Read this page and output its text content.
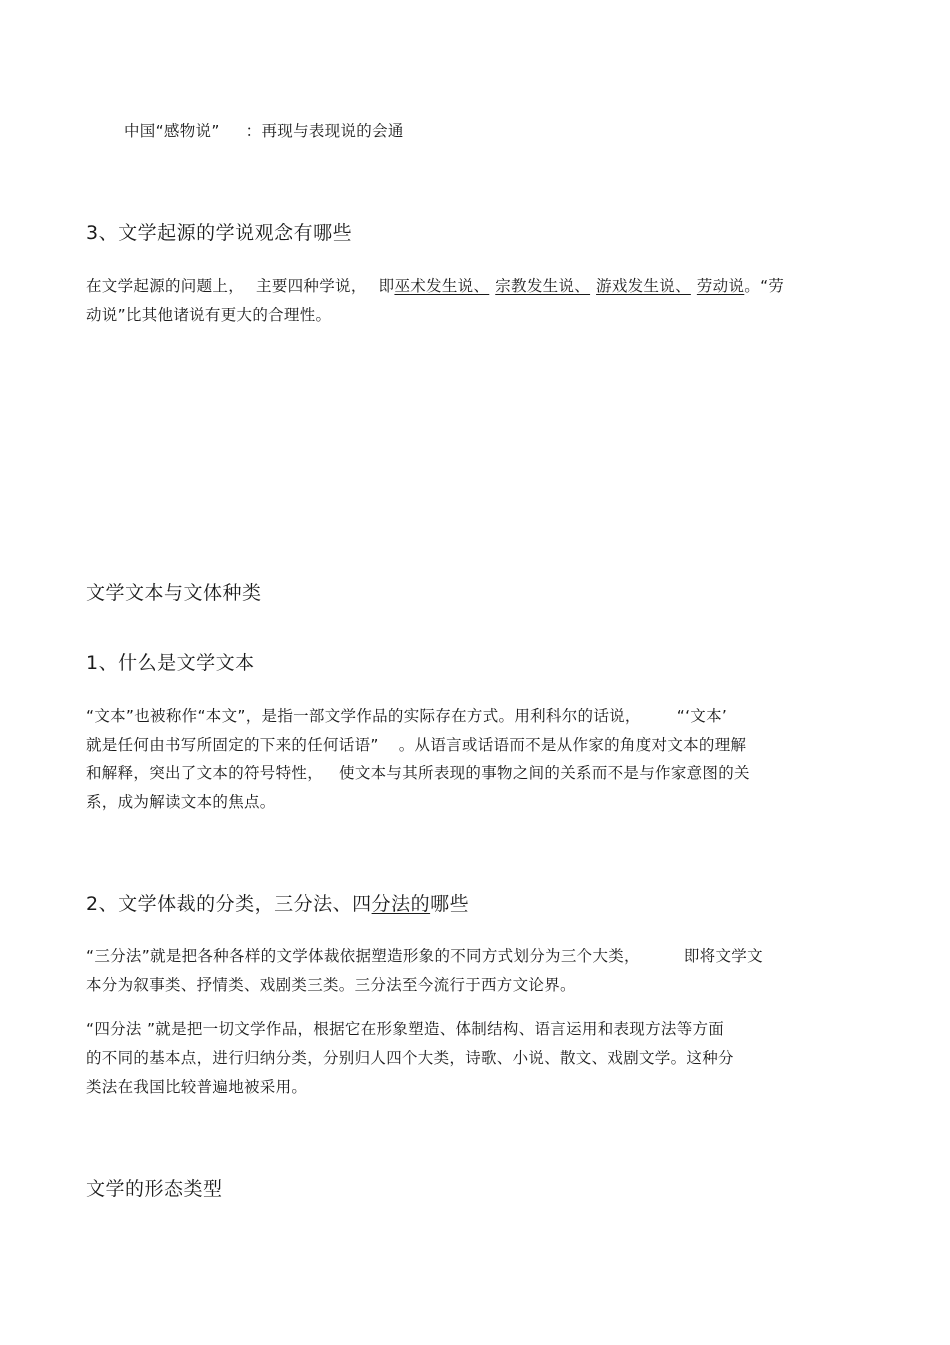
中国“感物说” ：再现与表现说的会通
3、文学起源的学说观念有哪些
在文学起源的问题上， 主要四种学说， 即巫术发生说、 宗教发生说、 游戏发生说、 劳动说。“劳
动说”比其他诸说有更大的合理性。
文学文本与文体种类
1、什么是文学文本
“文本”也被称作“本文”，是指一部文学作品的实际存在方式。用利科尔的话说， “‘文本’
就是任何由书写所固定的下来的任何话语” 。从语言或话语而不是从作家的角度对文本的理解
和解释，突出了文本的符号特性， 使文本与其所表现的事物之间的关系而不是与作家意图的关
系，成为解读文本的焦点。
2、文学体裁的分类，三分法、四分法的哪些
“三分法”就是把各种各样的文学体裁依据塑造形象的不同方式划分为三个大类，	即将文学文
本分为叙事类、抒情类、戏剧类三类。三分法至今流行于西方文论界。
“四分法 ”就是把一切文学作品，根据它在形象塑造、体制结构、语言运用和表现方法等方面
的不同的基本点，进行归纳分类，分别归人四个大类，诗歌、小说、散文、戏剧文学。这种分
类法在我国比较普遍地被采用。
文学的形态类型
